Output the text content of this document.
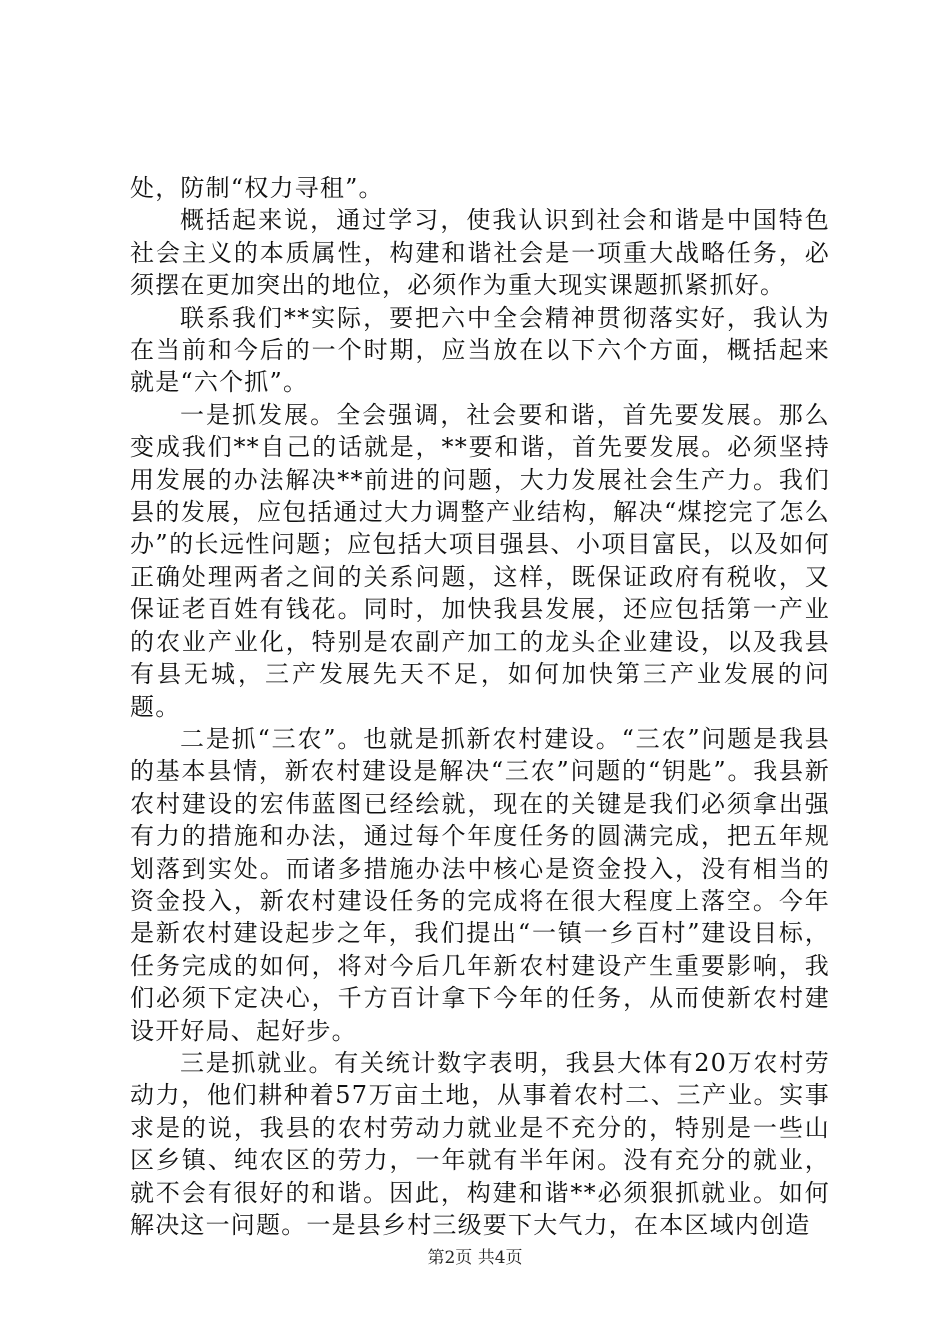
处，防制“权力寻租”。

概括起来说，通过学习，使我认识到社会和谐是中国特色社会主义的本质属性，构建和谐社会是一项重大战略任务，必须摆在更加突出的地位，必须作为重大现实课题抓紧抓好。

联系我们**实际，要把六中全会精神贯彻落实好，我认为在当前和今后的一个时期，应当放在以下六个方面，概括起来就是“六个抓”。

一是抓发展。全会强调，社会要和谐，首先要发展。那么变成我们**自己的话就是，**要和谐，首先要发展。必须坚持用发展的办法解决**前进的问题，大力发展社会生产力。我们县的发展，应包括通过大力调整产业结构，解决“煤挖完了怎么办”的长远性问题；应包括大项目强县、小项目富民，以及如何正确处理两者之间的关系问题，这样，既保证政府有税收，又保证老百姓有钱花。同时，加快我县发展，还应包括第一产业的农业产业化，特别是农副产加工的龙头企业建设，以及我县有县无城，三产发展先天不足，如何加快第三产业发展的问题。

二是抓“三农”。也就是抓新农村建设。“三农”问题是我县的基本县情，新农村建设是解决“三农”问题的“钥匙”。我县新农村建设的宏伟蓝图已经绘就，现在的关键是我们必须拿出强有力的措施和办法，通过每个年度任务的圆满完成，把五年规划落到实处。而诸多措施办法中核心是资金投入，没有相当的资金投入，新农村建设任务的完成将在很大程度上落空。今年是新农村建设起步之年，我们提出“一镇一乡百村”建设目标，任务完成的如何，将对今后几年新农村建设产生重要影响，我们必须下定决心，千方百计拿下今年的任务，从而使新农村建设开好局、起好步。

三是抓就业。有关统计数字表明，我县大体有20万农村劳动力，他们耕种着57万亩土地，从事着农村二、三产业。实事求是的说，我县的农村劳动力就业是不充分的，特别是一些山区乡镇、纯农区的劳力，一年就有半年闲。没有充分的就业，就不会有很好的和谐。因此，构建和谐**必须狠抓就业。如何解决这一问题。一是县乡村三级要下大气力，在本区域内创造

第2页 共4页
